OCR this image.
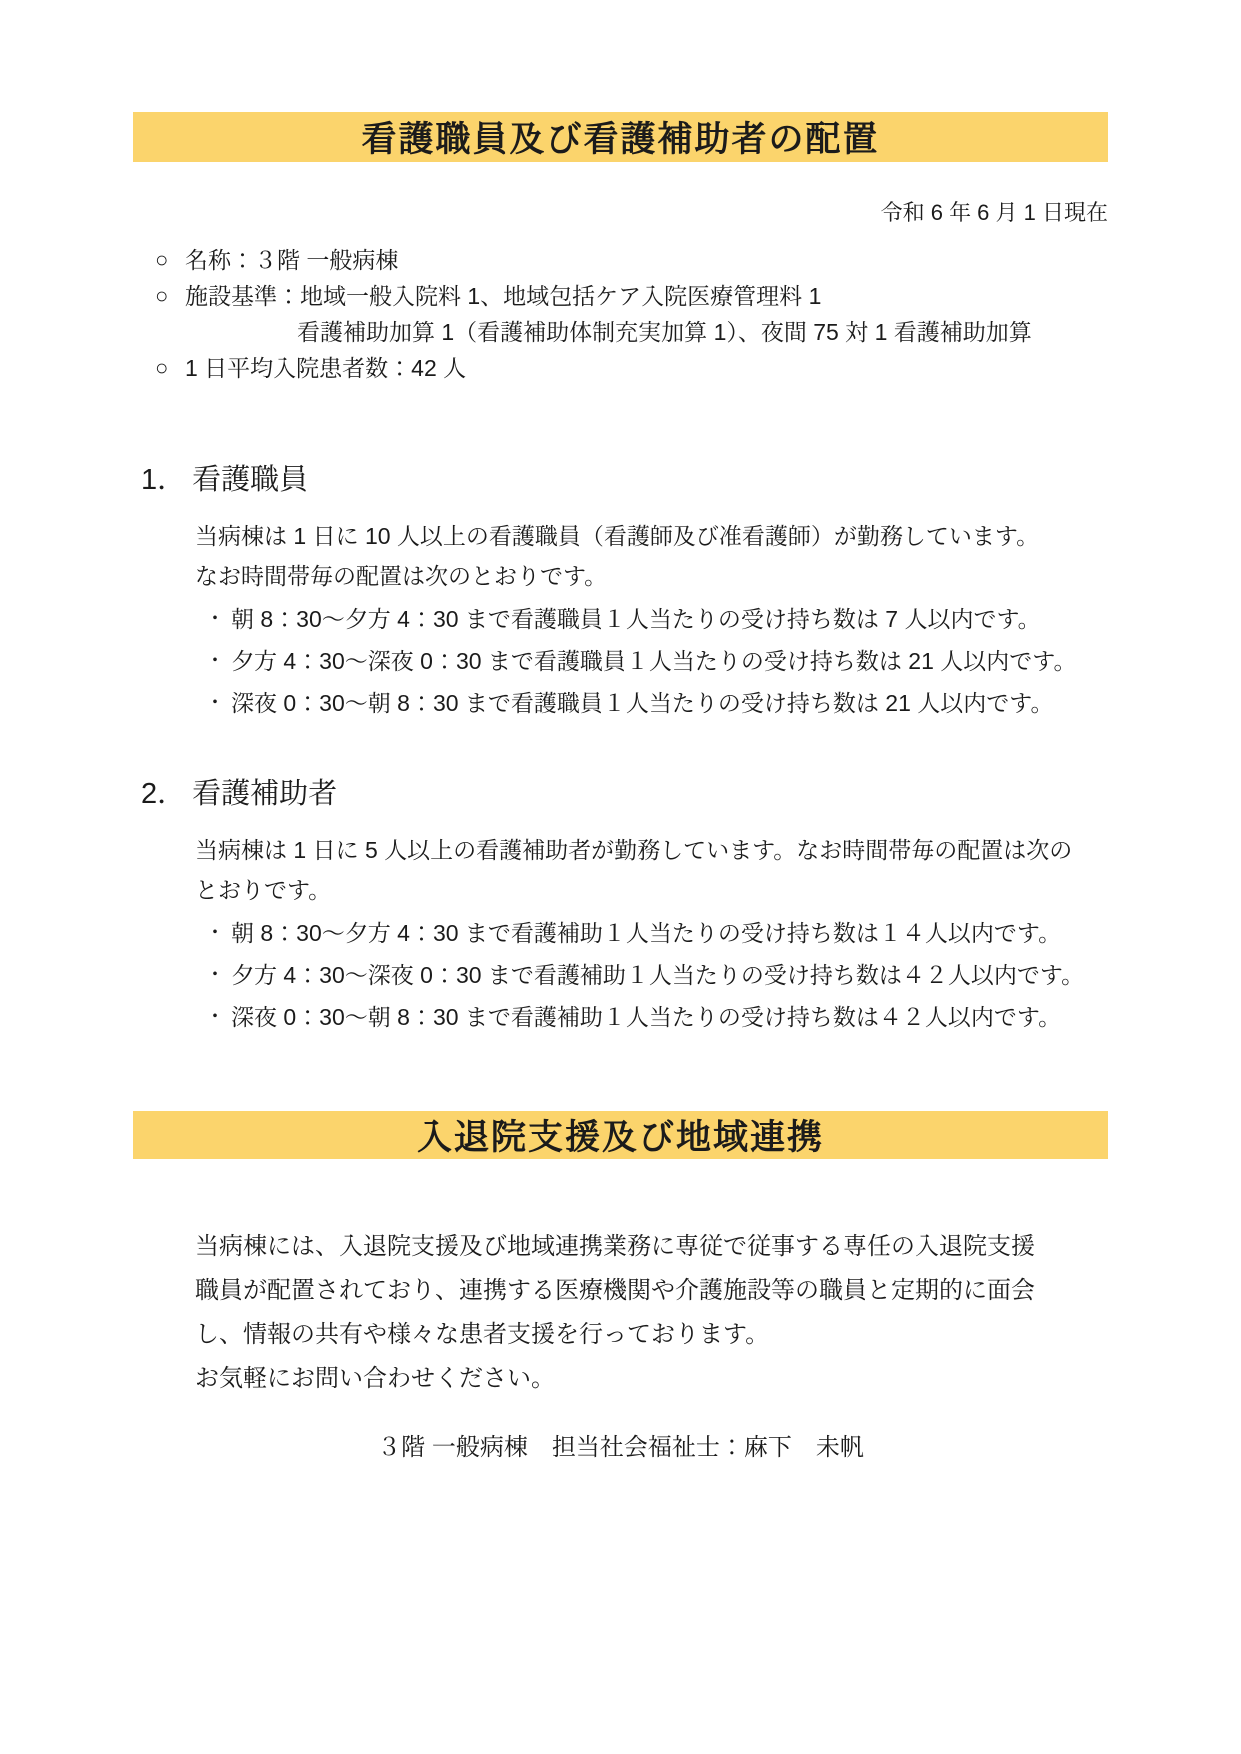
看護職員及び看護補助者の配置
令和 6 年 6 月 1 日現在
○ 名称：３階 一般病棟
○ 施設基準：地域一般入院料 1、地域包括ケア入院医療管理料 1
看護補助加算 1（看護補助体制充実加算 1）、夜間 75 対 1 看護補助加算
○ 1 日平均入院患者数：42 人
1． 看護職員
当病棟は 1 日に 10 人以上の看護職員（看護師及び准看護師）が勤務しています。
なお時間帯毎の配置は次のとおりです。
・ 朝 8：30～夕方 4：30 まで看護職員１人当たりの受け持ち数は 7 人以内です。
・ 夕方 4：30～深夜 0：30 まで看護職員１人当たりの受け持ち数は 21 人以内です。
・ 深夜 0：30～朝 8：30 まで看護職員１人当たりの受け持ち数は 21 人以内です。
2． 看護補助者
当病棟は 1 日に 5 人以上の看護補助者が勤務しています。なお時間帯毎の配置は次の
とおりです。
・ 朝 8：30～夕方 4：30 まで看護補助１人当たりの受け持ち数は１４人以内です。
・ 夕方 4：30～深夜 0：30 まで看護補助１人当たりの受け持ち数は４２人以内です。
・ 深夜 0：30～朝 8：30 まで看護補助１人当たりの受け持ち数は４２人以内です。
入退院支援及び地域連携
当病棟には、入退院支援及び地域連携業務に専従で従事する専任の入退院支援
職員が配置されており、連携する医療機関や介護施設等の職員と定期的に面会
し、情報の共有や様々な患者支援を行っております。
お気軽にお問い合わせください。
３階 一般病棟　担当社会福祉士：麻下　未帆
